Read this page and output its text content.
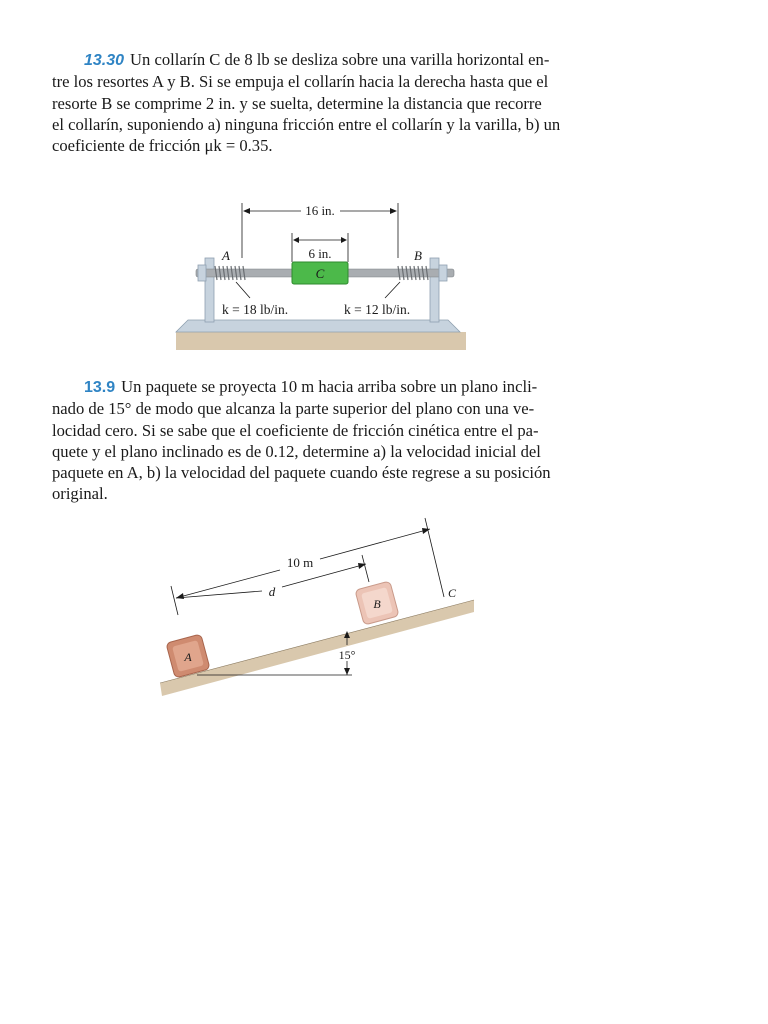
13.30 Un collarín C de 8 lb se desliza sobre una varilla horizontal en-
tre los resortes A y B. Si se empuja el collarín hacia la derecha hasta que el
resorte B se comprime 2 in. y se suelta, determine la distancia que recorre
el collarín, suponiendo a) ninguna fricción entre el collarín y la varilla, b) un
coeficiente de fricción μk = 0.35.
C
16 in.
6 in.
A	B
k = 18 lb/in.	k = 12 lb/in.
13.9 Un paquete se proyecta 10 m hacia arriba sobre un plano incli-
nado de 15° de modo que alcanza la parte superior del plano con una ve-
locidad cero. Si se sabe que el coeficiente de fricción cinética entre el pa-
quete y el plano inclinado es de 0.12, determine a) la velocidad inicial del
paquete en A, b) la velocidad del paquete cuando éste regrese a su posición
original.
15°
A
B
d
10 m
C
